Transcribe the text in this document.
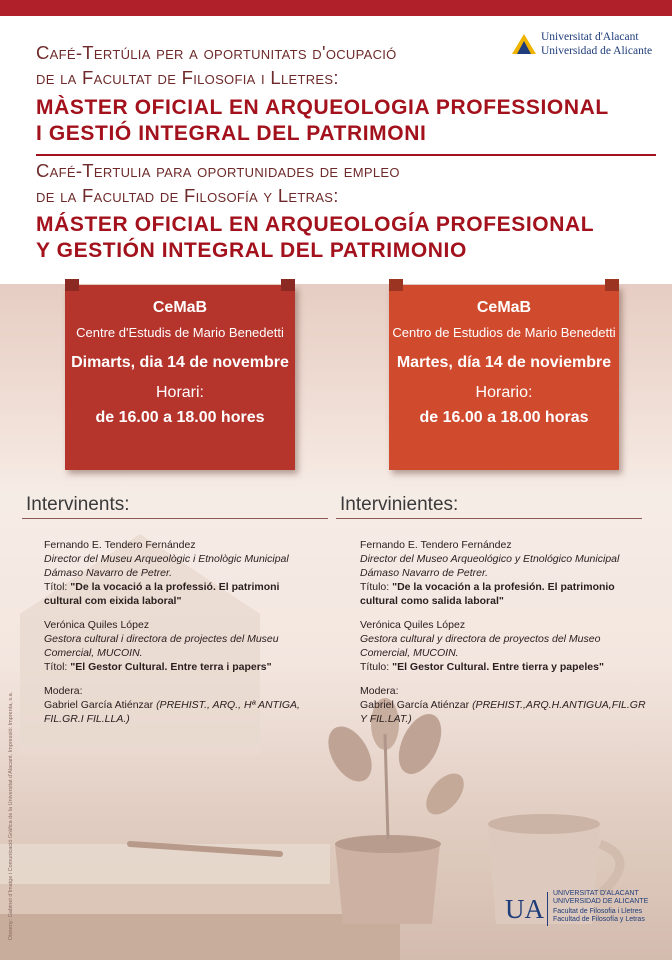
Universitat d'Alacant
Universidad de Alicante
Café-Tertúlia per a oportunitats d'ocupació
de la Facultat de Filosofia i Lletres:
MÀSTER OFICIAL EN ARQUEOLOGIA PROFESSIONAL
I GESTIÓ INTEGRAL DEL PATRIMONI
Café-Tertulia para oportunidades de empleo
de la Facultad de Filosofía y Letras:
MÁSTER OFICIAL EN ARQUEOLOGÍA PROFESIONAL
Y GESTIÓN INTEGRAL DEL PATRIMONIO
CeMaB
Centre d'Estudis de Mario Benedetti
Dimarts, dia 14 de novembre
Horari:
de 16.00 a 18.00 hores
CeMaB
Centro de Estudios de Mario Benedetti
Martes, día 14 de noviembre
Horario:
de 16.00 a 18.00 horas
Intervinents:	Intervinientes:

Fernando E. Tendero Fernández

Director del Museu Arqueològic i Etnològic Municipal

Dámaso Navarro de Petrer.

Títol: "De la vocació a la professió. El patrimoni

cultural com eixida laboral"

Verónica Quiles López

Gestora cultural i directora de projectes del Museu

Comercial, MUCOIN.

Títol: "El Gestor Cultural. Entre terra i papers"

Modera:

Gabriel García Atiénzar (PREHIST., ARQ., Hª ANTIGA,

FIL.GR.I FIL.LLA.)

Fernando E. Tendero Fernández

Director del Museo Arqueológico y Etnológico Municipal

Dámaso Navarro de Petrer.

Título: "De la vocación a la profesión. El patrimonio

cultural como salida laboral"

Verónica Quiles López

Gestora cultural y directora de proyectos del Museo

Comercial, MUCOIN.

Título: "El Gestor Cultural. Entre tierra y papeles"

Modera:

Gabriel García Atiénzar (PREHIST.,ARQ.H.ANTIGUA,FIL.GR

Y FIL.LAT.)

UA
UNIVERSITAT D'ALACANT
UNIVERSIDAD DE ALICANTE
Facultat de Filosofia i Lletres
Facultad de Filosofía y Letras
Disseny: Gabinet d'Imatge i Comunicació Gràfica de la Universitat d'Alacant. Impressió: Imprenta, s.a.
